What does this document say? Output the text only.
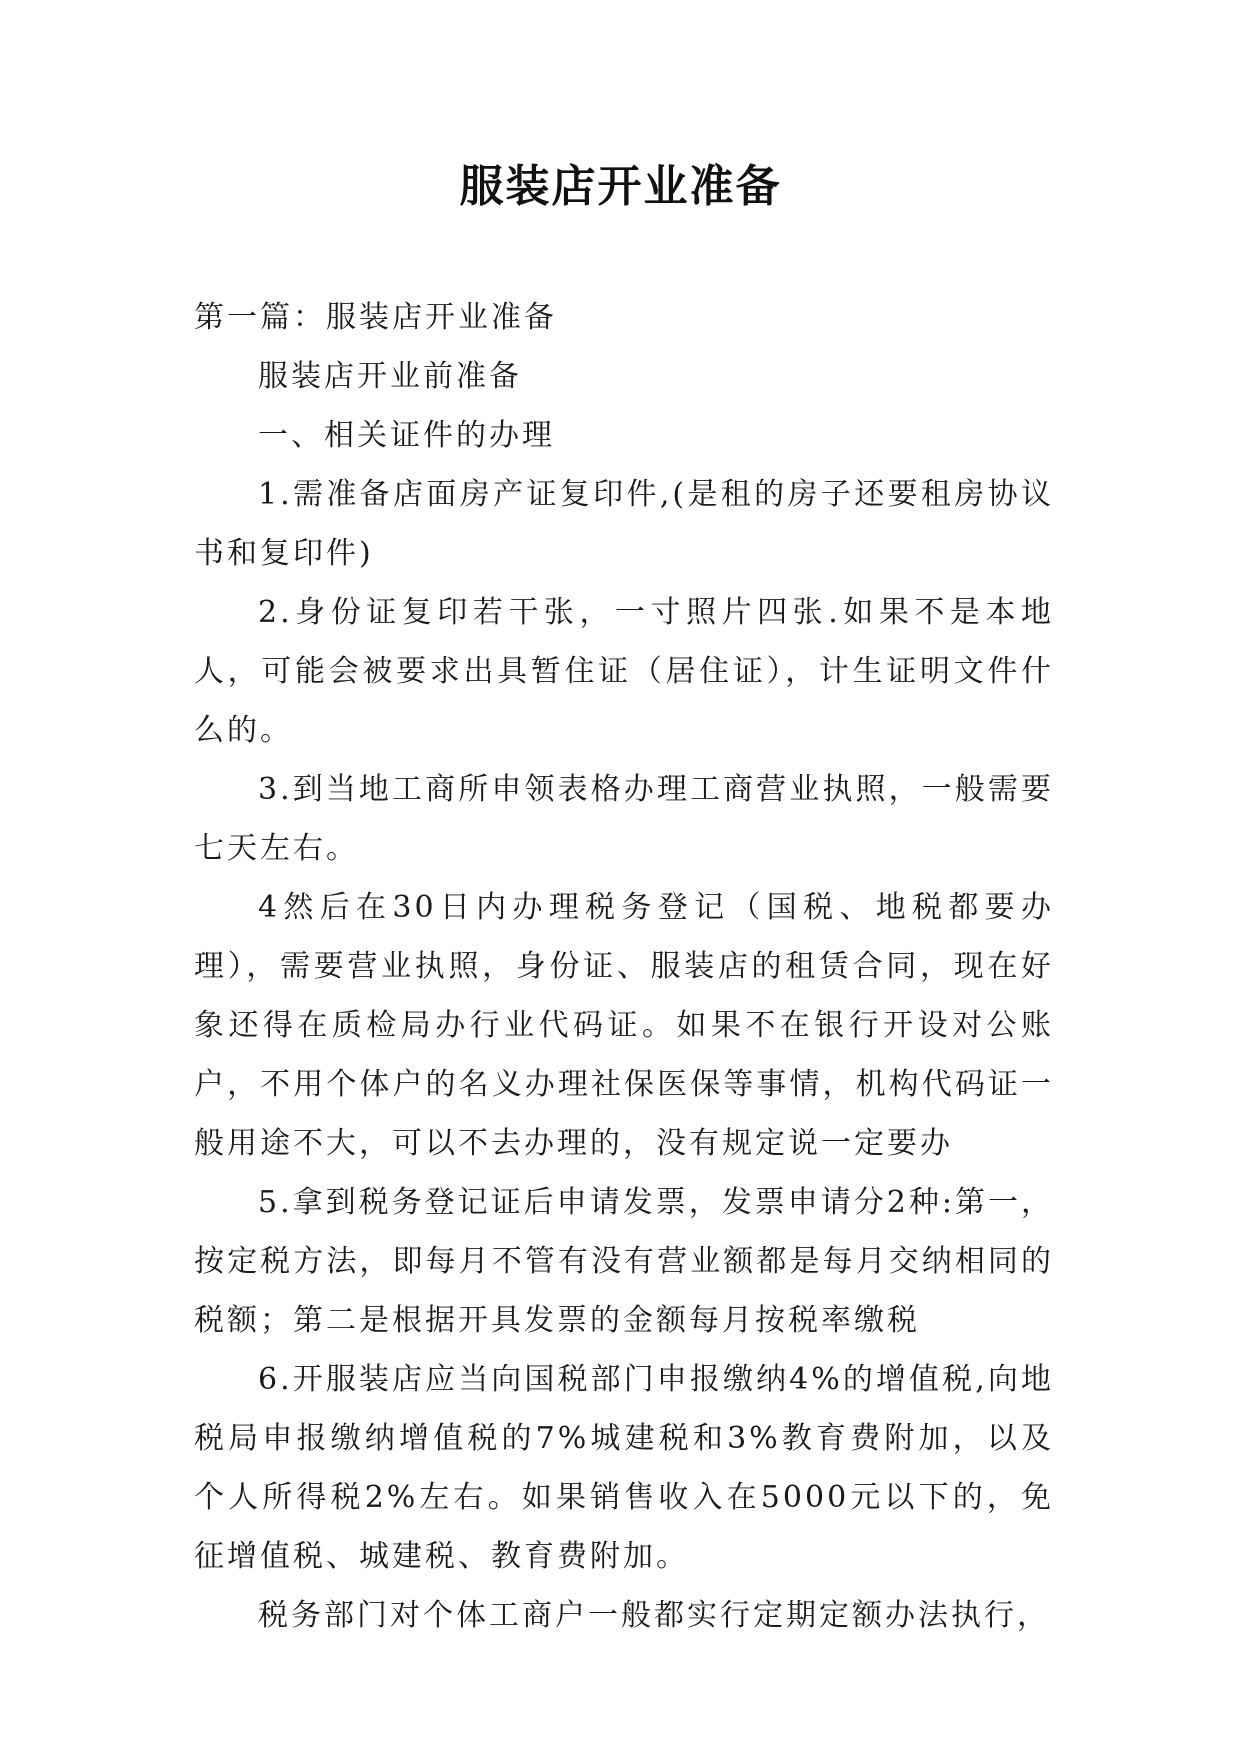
服装店开业准备

第一篇：服装店开业准备

服装店开业前准备

一、相关证件的办理

1.需准备店面房产证复印件,(是租的房子还要租房协议书和复印件)

2.身份证复印若干张，一寸照片四张.如果不是本地人，可能会被要求出具暂住证（居住证），计生证明文件什么的。

3.到当地工商所申领表格办理工商营业执照，一般需要七天左右。

4然后在30日内办理税务登记（国税、地税都要办理），需要营业执照，身份证、服装店的租赁合同，现在好象还得在质检局办行业代码证。如果不在银行开设对公账户，不用个体户的名义办理社保医保等事情，机构代码证一般用途不大，可以不去办理的，没有规定说一定要办

5.拿到税务登记证后申请发票，发票申请分2种:第一，按定税方法，即每月不管有没有营业额都是每月交纳相同的税额；第二是根据开具发票的金额每月按税率缴税

6.开服装店应当向国税部门申报缴纳4%的增值税,向地税局申报缴纳增值税的7%城建税和3%教育费附加，以及个人所得税2%左右。如果销售收入在5000元以下的，免征增值税、城建税、教育费附加。

税务部门对个体工商户一般都实行定期定额办法执行，
